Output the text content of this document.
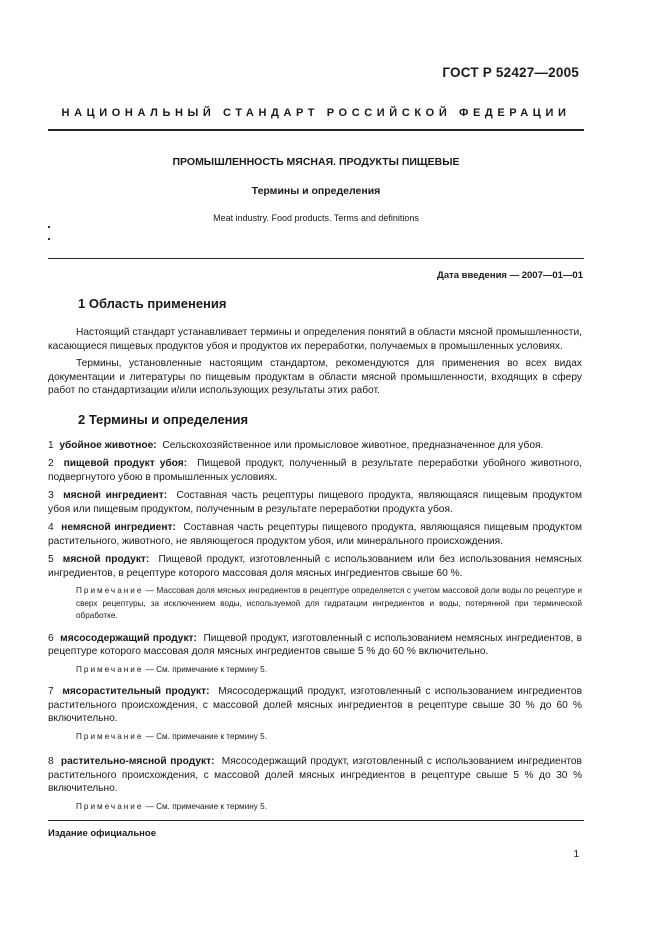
ГОСТ Р 52427—2005
НАЦИОНАЛЬНЫЙ СТАНДАРТ РОССИЙСКОЙ ФЕДЕРАЦИИ
ПРОМЫШЛЕННОСТЬ МЯСНАЯ. ПРОДУКТЫ ПИЩЕВЫЕ
Термины и определения
Meat industry. Food products. Terms and definitions
Дата введения — 2007—01—01
1 Область применения

Настоящий стандарт устанавливает термины и определения понятий в области мясной промышленности, касающиеся пищевых продуктов убоя и продуктов их переработки, получаемых в промышленных условиях.

Термины, установленные настоящим стандартом, рекомендуются для применения во всех видах документации и литературы по пищевым продуктам в области мясной промышленности, входящих в сферу работ по стандартизации и/или использующих результаты этих работ.

2 Термины и определения

1 убойное животное: Сельскохозяйственное или промысловое животное, предназначенное для убоя.

2 пищевой продукт убоя: Пищевой продукт, полученный в результате переработки убойного животного, подвергнутого убою в промышленных условиях.

3 мясной ингредиент: Составная часть рецептуры пищевого продукта, являющаяся пищевым продуктом убоя или пищевым продуктом, полученным в результате переработки продукта убоя.

4 немясной ингредиент: Составная часть рецептуры пищевого продукта, являющаяся пищевым продуктом растительного, животного, не являющегося продуктом убоя, или минерального происхождения.

5 мясной продукт: Пищевой продукт, изготовленный с использованием или без использования немясных ингредиентов, в рецептуре которого массовая доля мясных ингредиентов свыше 60 %.

Примечание — Массовая доля мясных ингредиентов в рецептуре определяется с учетом массовой доли воды по рецептуре и сверх рецептуры, за исключением воды, используемой для гидратации ингредиентов и воды, потерянной при термической обработке.

6 мясосодержащий продукт: Пищевой продукт, изготовленный с использованием немясных ингредиентов, в рецептуре которого массовая доля мясных ингредиентов свыше 5 % до 60 % включительно.

Примечание — См. примечание к термину 5.

7 мясорастительный продукт: Мясосодержащий продукт, изготовленный с использованием ингредиентов растительного происхождения, с массовой долей мясных ингредиентов в рецептуре свыше 30 % до 60 % включительно.

Примечание — См. примечание к термину 5.

8 растительно-мясной продукт: Мясосодержащий продукт, изготовленный с использованием ингредиентов растительного происхождения, с массовой долей мясных ингредиентов в рецептуре свыше 5 % до 30 % включительно.

Примечание — См. примечание к термину 5.

Издание официальное
1
